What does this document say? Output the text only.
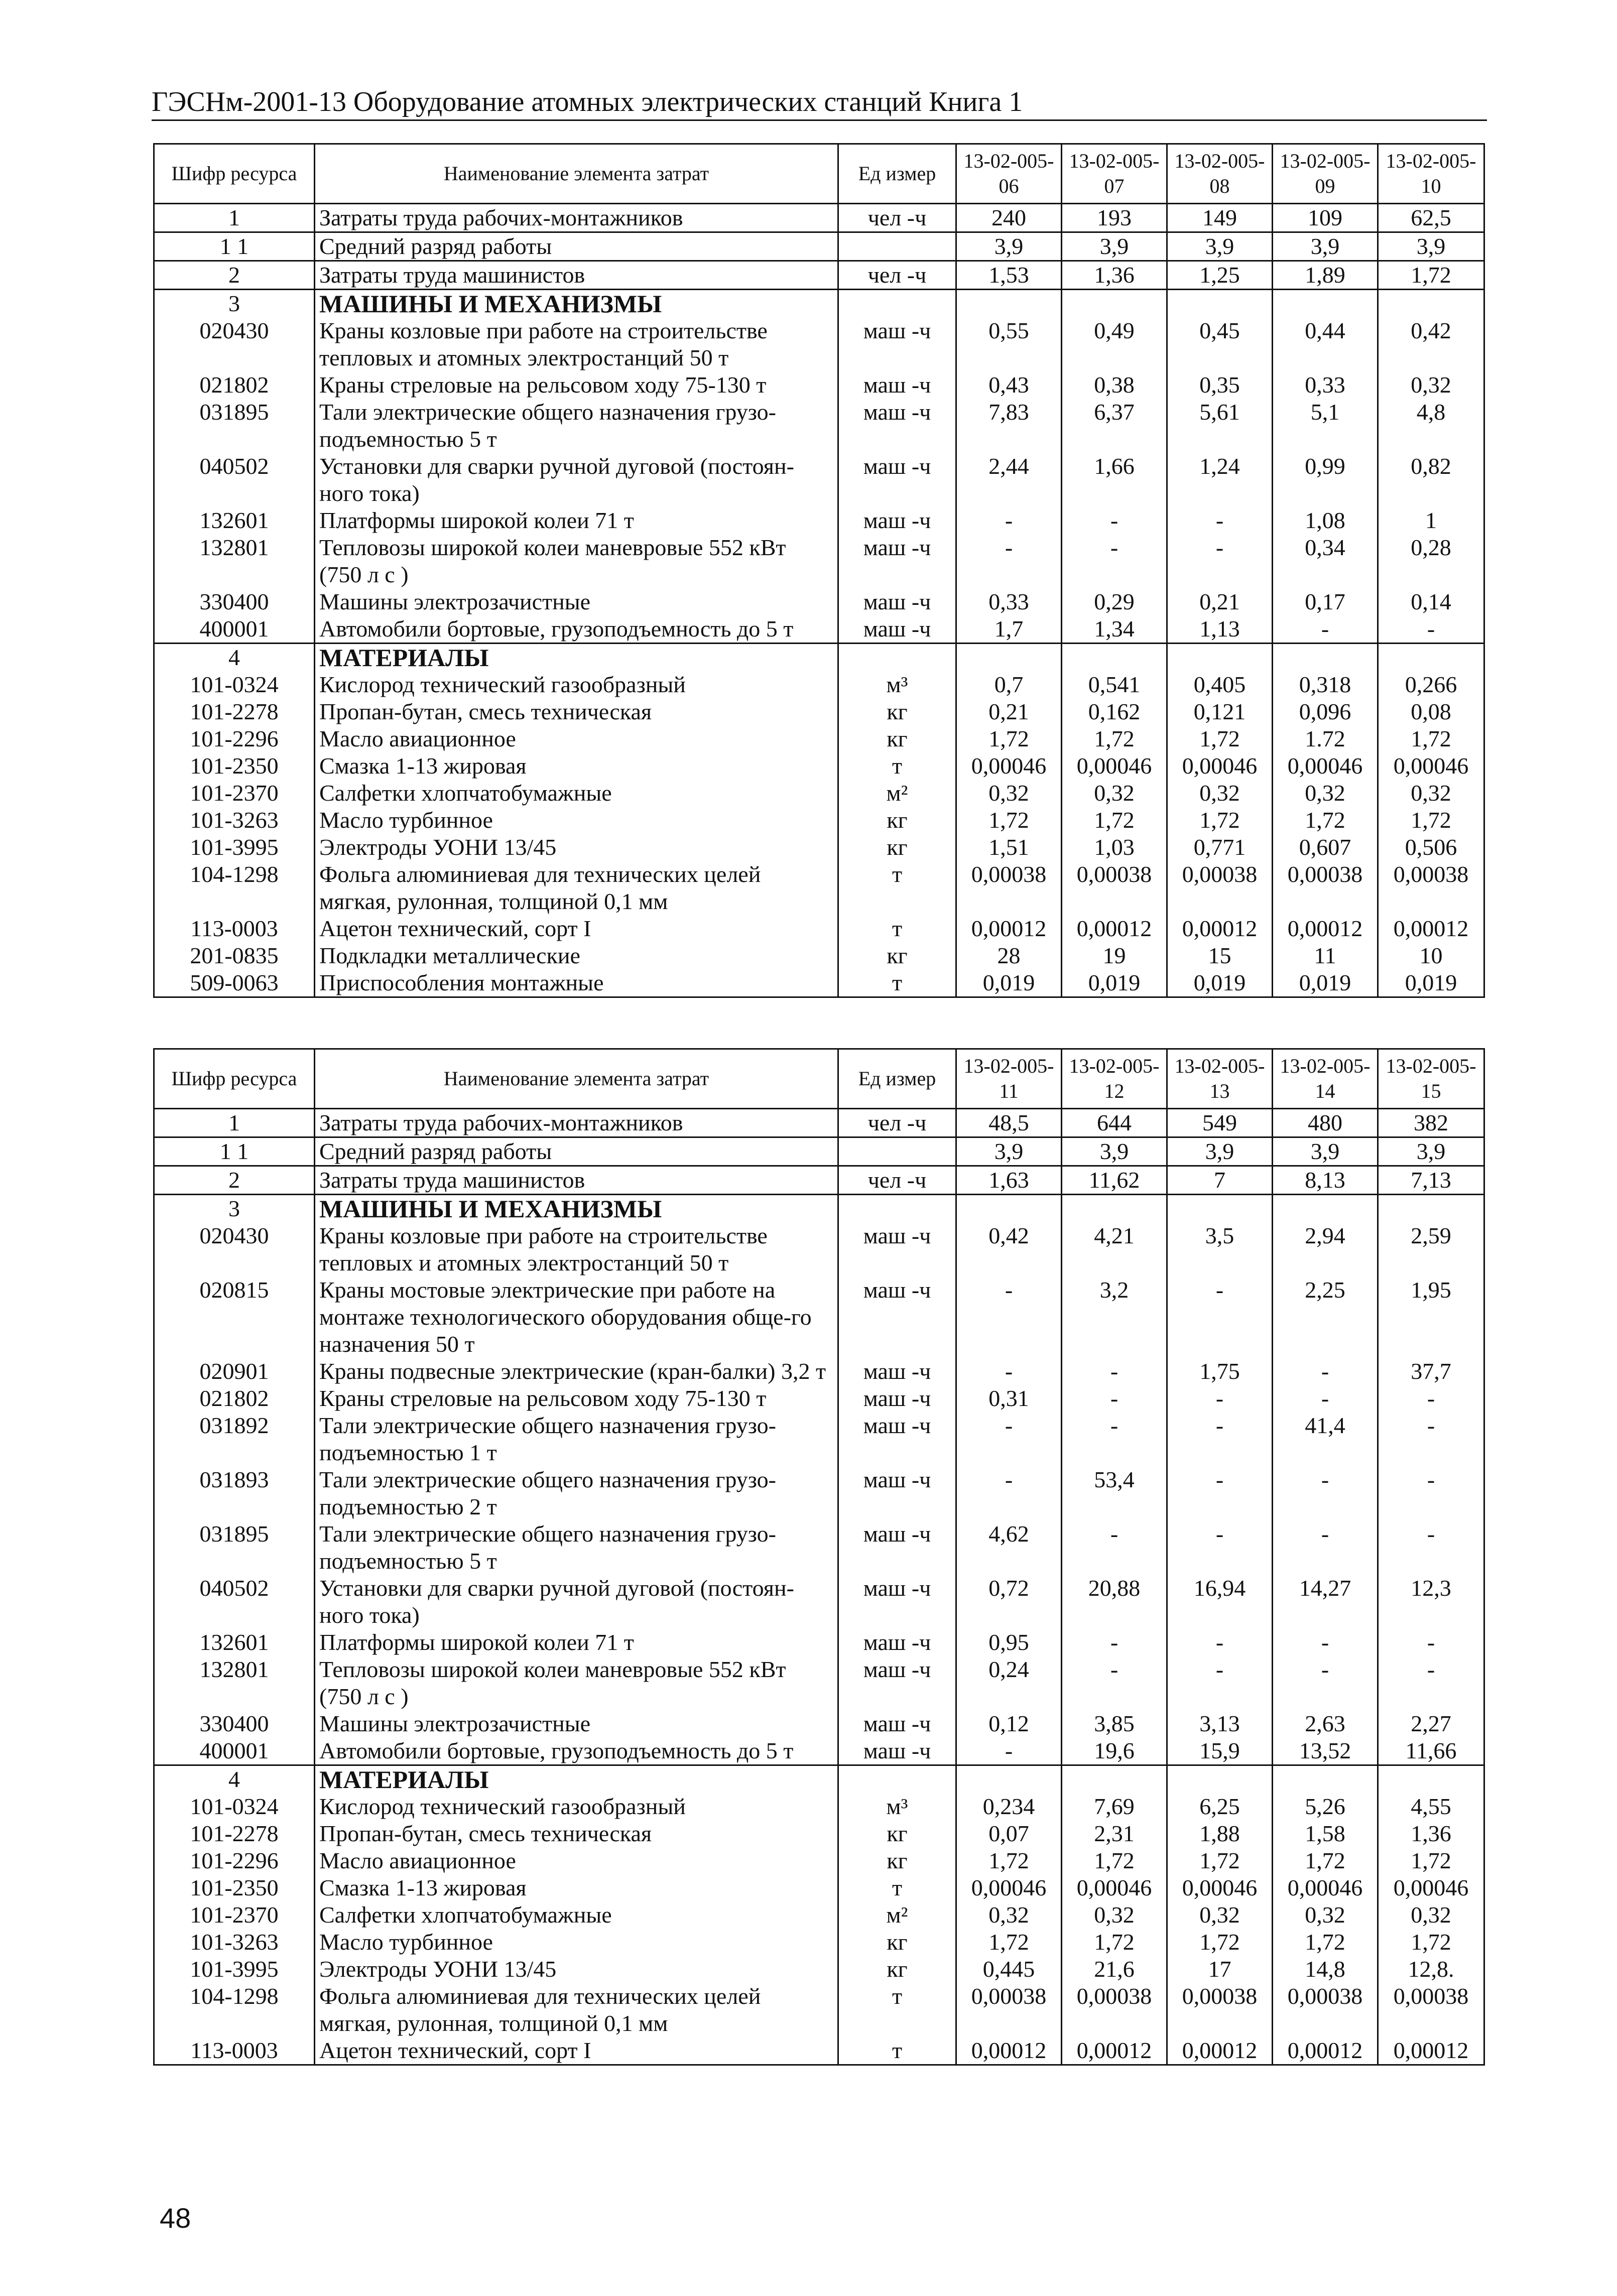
ГЭСНм-2001-13 Оборудование атомных электрических станций Книга 1
Шифр ресурса	Наименование элемента затрат	Ед измер	13-02-005-06	13-02-005-07	13-02-005-08	13-02-005-09	13-02-005-10
1	Затраты труда рабочих-монтажников	чел -ч	240	193	149	109	62,5
1 1	Средний разряд работы		3,9	3,9	3,9	3,9	3,9
2	Затраты труда машинистов	чел -ч	1,53	1,36	1,25	1,89	1,72
3	МАШИНЫ И МЕХАНИЗМЫ						
020430	Краны козловые при работе на строительстве тепловых и атомных электростанций 50 т	маш -ч	0,55	0,49	0,45	0,44	0,42
021802	Краны стреловые на рельсовом ходу 75-130 т	маш -ч	0,43	0,38	0,35	0,33	0,32
031895	Тали электрические общего назначения грузо-подъемностью 5 т	маш -ч	7,83	6,37	5,61	5,1	4,8
040502	Установки для сварки ручной дуговой (постоян-ного тока)	маш -ч	2,44	1,66	1,24	0,99	0,82
132601	Платформы широкой колеи 71 т	маш -ч	-	-	-	1,08	1
132801	Тепловозы широкой колеи маневровые 552 кВт (750 л с )	маш -ч	-	-	-	0,34	0,28
330400	Машины электрозачистные	маш -ч	0,33	0,29	0,21	0,17	0,14
400001	Автомобили бортовые, грузоподъемность до 5 т	маш -ч	1,7	1,34	1,13	-	-
4	МАТЕРИАЛЫ						
101-0324	Кислород технический газообразный	м³	0,7	0,541	0,405	0,318	0,266
101-2278	Пропан-бутан, смесь техническая	кг	0,21	0,162	0,121	0,096	0,08
101-2296	Масло авиационное	кг	1,72	1,72	1,72	1.72	1,72
101-2350	Смазка 1-13 жировая	т	0,00046	0,00046	0,00046	0,00046	0,00046
101-2370	Салфетки хлопчатобумажные	м²	0,32	0,32	0,32	0,32	0,32
101-3263	Масло турбинное	кг	1,72	1,72	1,72	1,72	1,72
101-3995	Электроды УОНИ 13/45	кг	1,51	1,03	0,771	0,607	0,506
104-1298	Фольга алюминиевая для технических целей мягкая, рулонная, толщиной 0,1 мм	т	0,00038	0,00038	0,00038	0,00038	0,00038
113-0003	Ацетон технический, сорт I	т	0,00012	0,00012	0,00012	0,00012	0,00012
201-0835	Подкладки металлические	кг	28	19	15	11	10
509-0063	Приспособления монтажные	т	0,019	0,019	0,019	0,019	0,019
Шифр ресурса	Наименование элемента затрат	Ед измер	13-02-005-11	13-02-005-12	13-02-005-13	13-02-005-14	13-02-005-15
1	Затраты труда рабочих-монтажников	чел -ч	48,5	644	549	480	382
1 1	Средний разряд работы		3,9	3,9	3,9	3,9	3,9
2	Затраты труда машинистов	чел -ч	1,63	11,62	7	8,13	7,13
3	МАШИНЫ И МЕХАНИЗМЫ						
020430	Краны козловые при работе на строительстве тепловых и атомных электростанций 50 т	маш -ч	0,42	4,21	3,5	2,94	2,59
020815	Краны мостовые электрические при работе на монтаже технологического оборудования обще-го назначения 50 т	маш -ч	-	3,2	-	2,25	1,95
020901	Краны подвесные электрические (кран-балки) 3,2 т	маш -ч	-	-	1,75	-	37,7
021802	Краны стреловые на рельсовом ходу 75-130 т	маш -ч	0,31	-	-	-	-
031892	Тали электрические общего назначения грузо-подъемностью 1 т	маш -ч	-	-	-	41,4	-
031893	Тали электрические общего назначения грузо-подъемностью 2 т	маш -ч	-	53,4	-	-	-
031895	Тали электрические общего назначения грузо-подъемностью 5 т	маш -ч	4,62	-	-	-	-
040502	Установки для сварки ручной дуговой (постоян-ного тока)	маш -ч	0,72	20,88	16,94	14,27	12,3
132601	Платформы широкой колеи 71 т	маш -ч	0,95	-	-	-	-
132801	Тепловозы широкой колеи маневровые 552 кВт (750 л с )	маш -ч	0,24	-	-	-	-
330400	Машины электрозачистные	маш -ч	0,12	3,85	3,13	2,63	2,27
400001	Автомобили бортовые, грузоподъемность до 5 т	маш -ч	-	19,6	15,9	13,52	11,66
4	МАТЕРИАЛЫ						
101-0324	Кислород технический газообразный	м³	0,234	7,69	6,25	5,26	4,55
101-2278	Пропан-бутан, смесь техническая	кг	0,07	2,31	1,88	1,58	1,36
101-2296	Масло авиационное	кг	1,72	1,72	1,72	1,72	1,72
101-2350	Смазка 1-13 жировая	т	0,00046	0,00046	0,00046	0,00046	0,00046
101-2370	Салфетки хлопчатобумажные	м²	0,32	0,32	0,32	0,32	0,32
101-3263	Масло турбинное	кг	1,72	1,72	1,72	1,72	1,72
101-3995	Электроды УОНИ 13/45	кг	0,445	21,6	17	14,8	12,8.
104-1298	Фольга алюминиевая для технических целей мягкая, рулонная, толщиной 0,1 мм	т	0,00038	0,00038	0,00038	0,00038	0,00038
113-0003	Ацетон технический, сорт I	т	0,00012	0,00012	0,00012	0,00012	0,00012
48
